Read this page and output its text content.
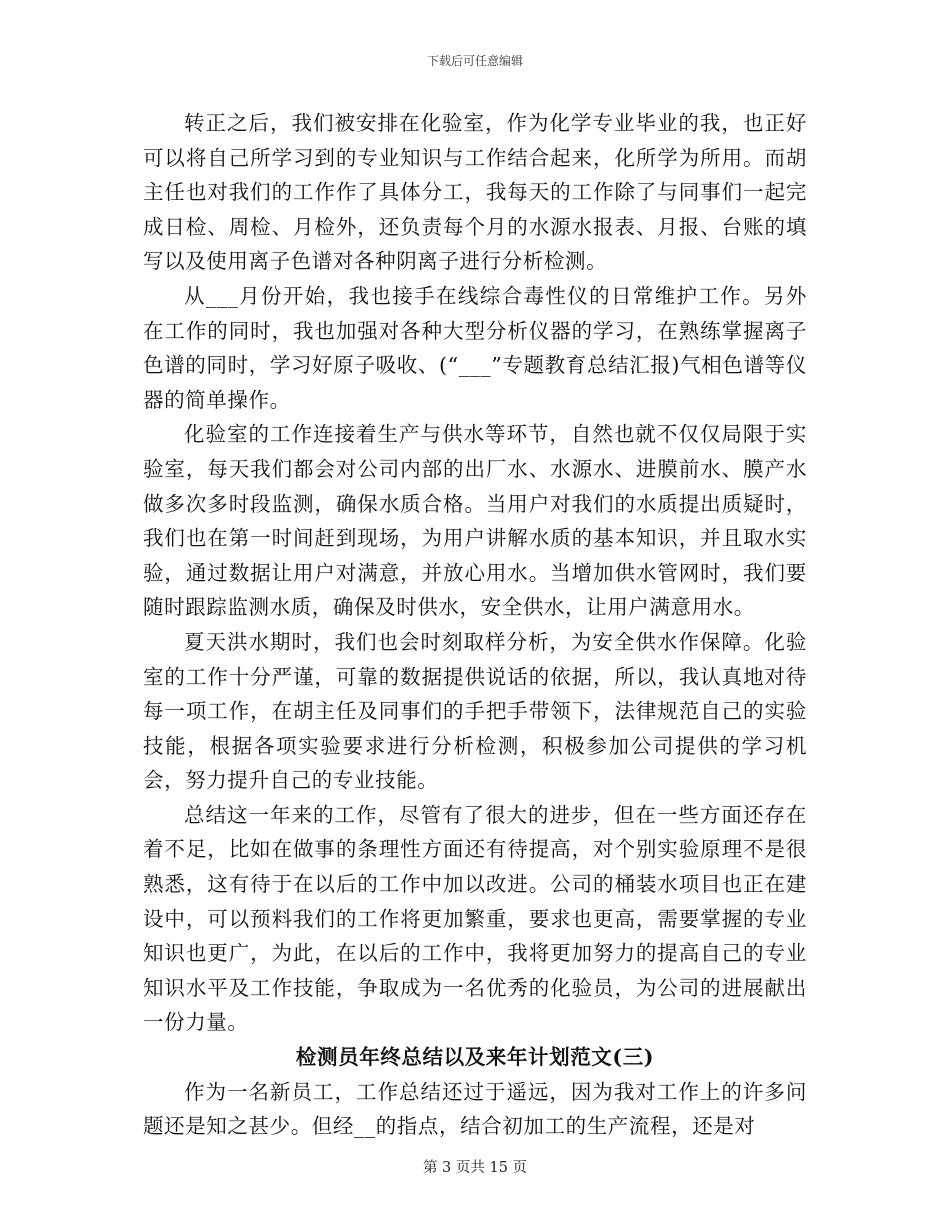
下载后可任意编辑

转正之后，我们被安排在化验室，作为化学专业毕业的我，也正好可以将自己所学习到的专业知识与工作结合起来，化所学为所用。而胡主任也对我们的工作作了具体分工，我每天的工作除了与同事们一起完成日检、周检、月检外，还负责每个月的水源水报表、月报、台账的填写以及使用离子色谱对各种阴离子进行分析检测。

从___月份开始，我也接手在线综合毒性仪的日常维护工作。另外在工作的同时，我也加强对各种大型分析仪器的学习，在熟练掌握离子色谱的同时，学习好原子吸收、(“___”专题教育总结汇报)气相色谱等仪器的简单操作。

化验室的工作连接着生产与供水等环节，自然也就不仅仅局限于实验室，每天我们都会对公司内部的出厂水、水源水、进膜前水、膜产水做多次多时段监测，确保水质合格。当用户对我们的水质提出质疑时，我们也在第一时间赶到现场，为用户讲解水质的基本知识，并且取水实验，通过数据让用户对满意，并放心用水。当增加供水管网时，我们要随时跟踪监测水质，确保及时供水，安全供水，让用户满意用水。

夏天洪水期时，我们也会时刻取样分析，为安全供水作保障。化验室的工作十分严谨，可靠的数据提供说话的依据，所以，我认真地对待每一项工作，在胡主任及同事们的手把手带领下，法律规范自己的实验技能，根据各项实验要求进行分析检测，积极参加公司提供的学习机会，努力提升自己的专业技能。

总结这一年来的工作，尽管有了很大的进步，但在一些方面还存在着不足，比如在做事的条理性方面还有待提高，对个别实验原理不是很熟悉，这有待于在以后的工作中加以改进。公司的桶装水项目也正在建设中，可以预料我们的工作将更加繁重，要求也更高，需要掌握的专业知识也更广，为此，在以后的工作中，我将更加努力的提高自己的专业知识水平及工作技能，争取成为一名优秀的化验员，为公司的进展献出一份力量。

检测员年终总结以及来年计划范文(三)

作为一名新员工，工作总结还过于遥远，因为我对工作上的许多问题还是知之甚少。但经__的指点，结合初加工的生产流程，还是对

第 3 页共 15 页
